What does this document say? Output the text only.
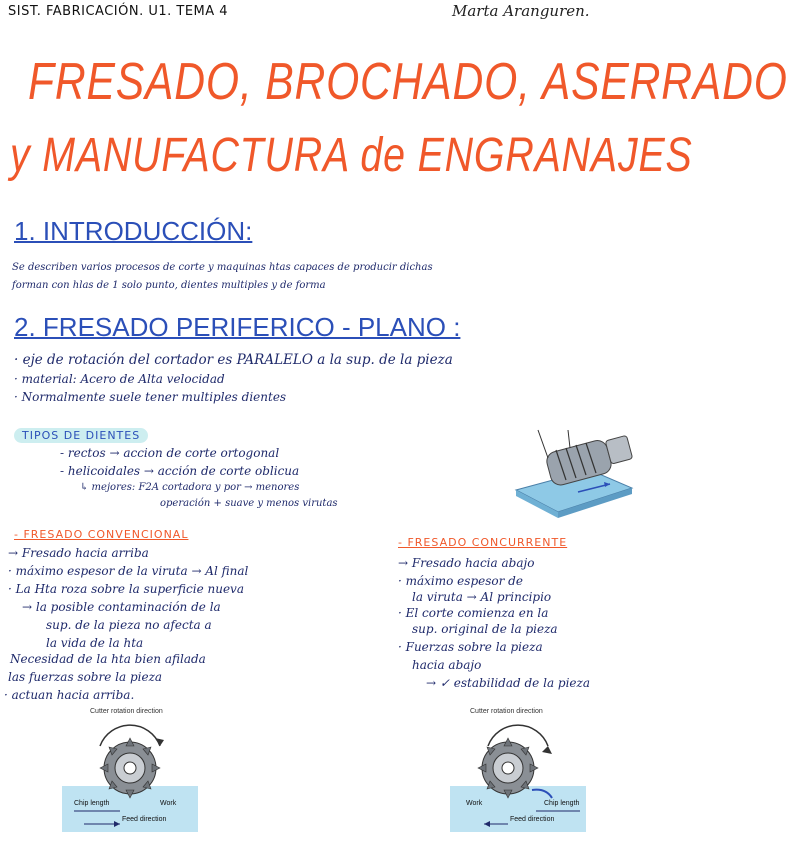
SIST. FABRICACIÓN. U1. TEMA 4	Marta Aranguren.
FRESADO, BROCHADO, ASERRADO
y MANUFACTURA de ENGRANAJES
1. INTRODUCCIÓN:
Se describen varios procesos de corte y maquinas htas capaces de producir dichas
forman con hlas de 1 solo punto, dientes multiples y de forma
2. FRESADO PERIFERICO - PLANO :
· eje de rotación del cortador es PARALELO a la sup. de la pieza
· material: Acero de Alta velocidad
· Normalmente suele tener multiples dientes
TIPOS DE DIENTES
- rectos → accion de corte ortogonal
- helicoidales → acción de corte oblicua
↳ mejores: F2A cortadora y por → menores
operación + suave y menos virutas
- FRESADO CONVENCIONAL
→ Fresado hacia arriba
· máximo espesor de la viruta → Al final
· La Hta roza sobre la superficie nueva
→ la posible contaminación de la
sup. de la pieza no afecta a
la vida de la hta
Necesidad de la hta bien afilada
las fuerzas sobre la pieza
· actuan hacia arriba.
- FRESADO CONCURRENTE
→ Fresado hacia abajo
· máximo espesor de
la viruta → Al principio
· El corte comienza en la
sup. original de la pieza
· Fuerzas sobre la pieza
hacia abajo
→ ✓ estabilidad de la pieza
Cutter rotation direction
Chip length	Work
Feed direction
Cutter rotation direction
Work	Chip length
Feed direction
